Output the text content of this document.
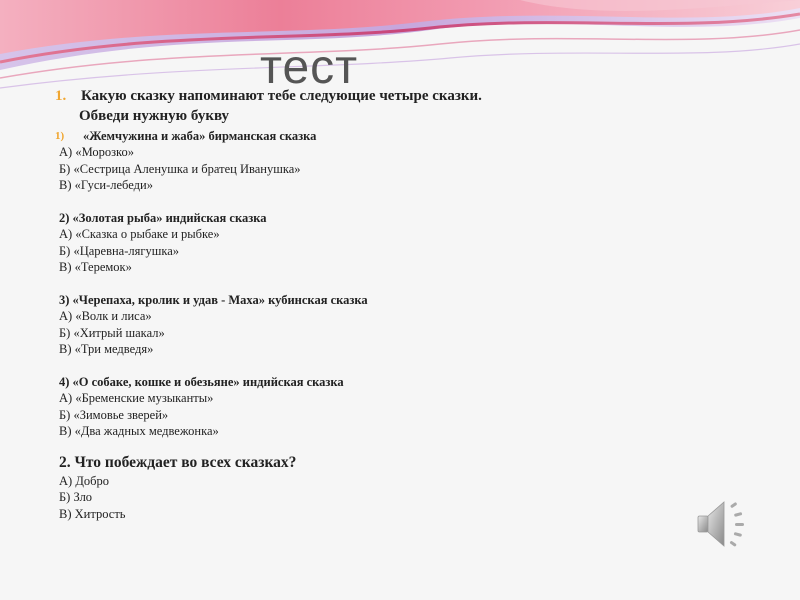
тест
1. Какую сказку напоминают тебе следующие четыре сказки.
Обведи нужную букву
1)	«Жемчужина и жаба» бирманская сказка
А) «Морозко»
Б) «Сестрица Аленушка и братец Иванушка»
В) «Гуси-лебеди»
2) «Золотая рыба» индийская сказка
А) «Сказка о рыбаке и рыбке»
Б) «Царевна-лягушка»
В) «Теремок»
3) «Черепаха, кролик и удав - Маха» кубинская сказка
А) «Волк и лиса»
Б) «Хитрый шакал»
В) «Три медведя»
4) «О собаке, кошке и обезьяне» индийская сказка
А) «Бременские музыканты»
Б) «Зимовье зверей»
В) «Два жадных медвежонка»
2. Что побеждает во всех сказках?
А) Добро
Б) Зло
В) Хитрость
